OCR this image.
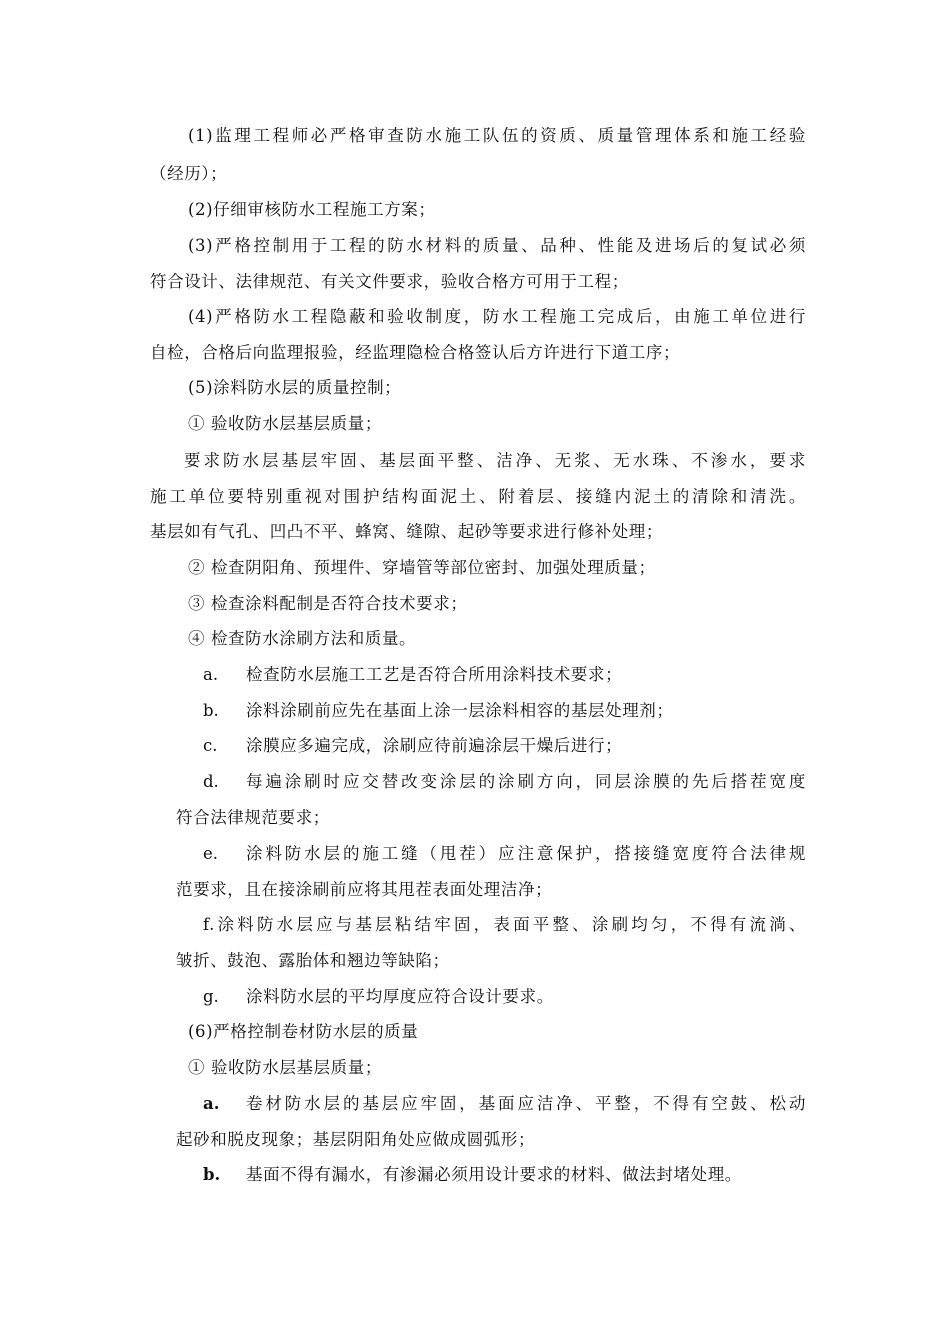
(1)监理工程师必严格审查防水施工队伍的资质、质量管理体系和施工经验
（经历）；
(2)仔细审核防水工程施工方案；
(3)严格控制用于工程的防水材料的质量、品种、性能及进场后的复试必须
符合设计、法律规范、有关文件要求，验收合格方可用于工程；
(4)严格防水工程隐蔽和验收制度，防水工程施工完成后，由施工单位进行
自检，合格后向监理报验，经监理隐检合格签认后方许进行下道工序；
(5)涂料防水层的质量控制；
① 验收防水层基层质量；
要求防水层基层牢固、基层面平整、洁净、无浆、无水珠、不渗水，要求
施工单位要特别重视对围护结构面泥土、附着层、接缝内泥土的清除和清洗。
基层如有气孔、凹凸不平、蜂窝、缝隙、起砂等要求进行修补处理；
② 检查阴阳角、预埋件、穿墙管等部位密封、加强处理质量；
③ 检查涂料配制是否符合技术要求；
④ 检查防水涂刷方法和质量。
a. 检查防水层施工工艺是否符合所用涂料技术要求；
b. 涂料涂刷前应先在基面上涂一层涂料相容的基层处理剂；
c. 涂膜应多遍完成，涂刷应待前遍涂层干燥后进行；
d. 每遍涂刷时应交替改变涂层的涂刷方向，同层涂膜的先后搭茬宽度
符合法律规范要求；
e. 涂料防水层的施工缝（甩茬）应注意保护，搭接缝宽度符合法律规
范要求，且在接涂刷前应将其甩茬表面处理洁净；
f.涂料防水层应与基层粘结牢固，表面平整、涂刷均匀，不得有流淌、
皱折、鼓泡、露胎体和翘边等缺陷；
g. 涂料防水层的平均厚度应符合设计要求。
(6)严格控制卷材防水层的质量
① 验收防水层基层质量；
a. 卷材防水层的基层应牢固，基面应洁净、平整，不得有空鼓、松动
起砂和脱皮现象；基层阴阳角处应做成圆弧形；
b. 基面不得有漏水，有渗漏必须用设计要求的材料、做法封堵处理。
